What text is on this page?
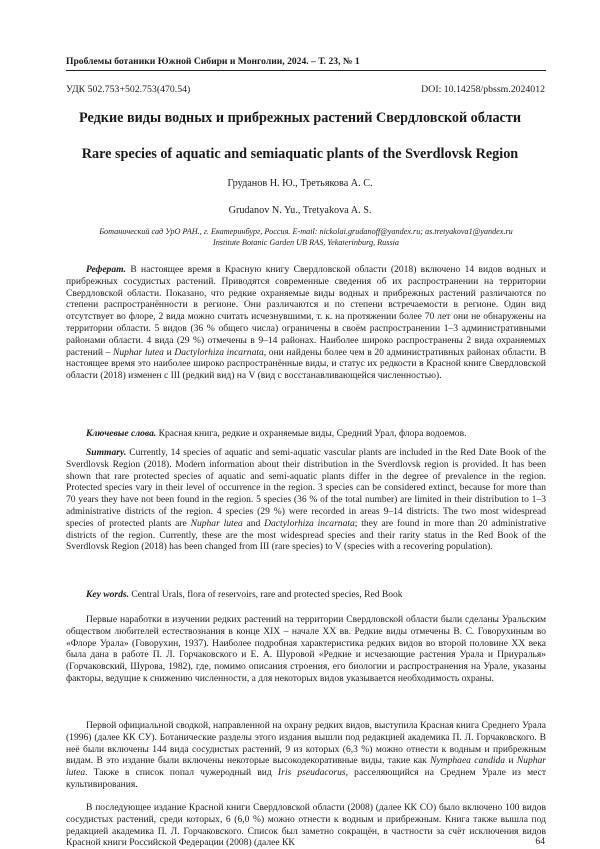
Проблемы ботаники Южной Сибири и Монголии, 2024. – Т. 23, № 1
УДК 502.753+502.753(470.54)	DOI: 10.14258/pbssm.2024012
Редкие виды водных и прибрежных растений Свердловской области
Rare species of aquatic and semiaquatic plants of the Sverdlovsk Region
Груданов Н. Ю., Третьякова А. С.
Grudanov N. Yu., Tretyakova A. S.
Ботанический сад УрО РАН., г. Екатеринбург, Россия. E-mail: nickolai.grudanoff@yandex.ru; as.tretyakova1@yandex.ru
Institute Botanic Garden UB RAS, Yekaterinburg, Russia
Реферат. В настоящее время в Красную книгу Свердловской области (2018) включено 14 видов водных и прибрежных сосудистых растений. Приводятся современные сведения об их распространении на территории Свердловской области. Показано, что редкие охраняемые виды водных и прибрежных растений различаются по степени распространённости в регионе. Они различаются и по степени встречаемости в регионе. Один вид отсутствует во флоре, 2 вида можно считать исчезнувшими, т. к. на протяжении более 70 лет они не обнаружены на территории области. 5 видов (36 % общего числа) ограничены в своём распространении 1–3 административными районами области. 4 вида (29 %) отмечены в 9–14 районах. Наиболее широко распространены 2 вида охраняемых растений – Nuphar lutea и Dactylorhiza incarnata, они найдены более чем в 20 административных районах области. В настоящее время это наиболее широко распространённые виды, и статус их редкости в Красной книге Свердловской области (2018) изменен с III (редкий вид) на V (вид с восстанавливающейся численностью).
Ключевые слова. Красная книга, редкие и охраняемые виды, Средний Урал, флора водоемов.
Summary. Currently, 14 species of aquatic and semi-aquatic vascular plants are included in the Red Date Book of the Sverdlovsk Region (2018). Modern information about their distribution in the Sverdlovsk region is provided. It has been shown that rare protected species of aquatic and semi-aquatic plants differ in the degree of prevalence in the region. Protected species vary in their level of occurrence in the region. 3 species can be considered extinct, because for more than 70 years they have not been found in the region. 5 species (36 % of the total number) are limited in their distribution to 1–3 administrative districts of the region. 4 species (29 %) were recorded in areas 9–14 districts. The two most widespread species of protected plants are Nuphar lutea and Dactylorhiza incarnata; they are found in more than 20 administrative districts of the region. Currently, these are the most widespread species and their rarity status in the Red Book of the Sverdlovsk Region (2018) has been changed from III (rare species) to V (species with a recovering population).
Key words. Central Urals, flora of reservoirs, rare and protected species, Red Book
Первые наработки в изучении редких растений на территории Свердловской области были сделаны Уральским обществом любителей естествознания в конце XIX – начале XX вв. Редкие виды отмечены В. С. Говорухиным во «Флоре Урала» (Говорухин, 1937). Наиболее подробная характеристика редких видов во второй половине XX века была дана в работе П. Л. Горчаковского и Е. А. Шуровой «Редкие и исчезающие растения Урала и Приуралья» (Горчаковский, Шурова, 1982), где, помимо описания строения, его биологии и распространения на Урале, указаны факторы, ведущие к снижению численности, а для некоторых видов указывается необходимость охраны.
Первой официальной сводкой, направленной на охрану редких видов, выступила Красная книга Среднего Урала (1996) (далее КК СУ). Ботанические разделы этого издания вышли под редакцией академика П. Л. Горчаковского. В неё были включены 144 вида сосудистых растений, 9 из которых (6,3 %) можно отнести к водным и прибрежным видам. В это издание были включены некоторые высокодекоративные виды, такие как Nymphaea candida и Nuphar lutea. Также в список попал чужеродный вид Iris pseudacorus, расселяющийся на Среднем Урале из мест культивирования.
В последующее издание Красной книги Свердловской области (2008) (далее КК СО) было включено 100 видов сосудистых растений, среди которых, 6 (6,0 %) можно отнести к водным и прибрежным. Книга также вышла под редакцией академика П. Л. Горчаковского. Список был заметно сокращён, в частности за счёт исключения видов Красной книги Российской Федерации (2008) (далее КК	64
